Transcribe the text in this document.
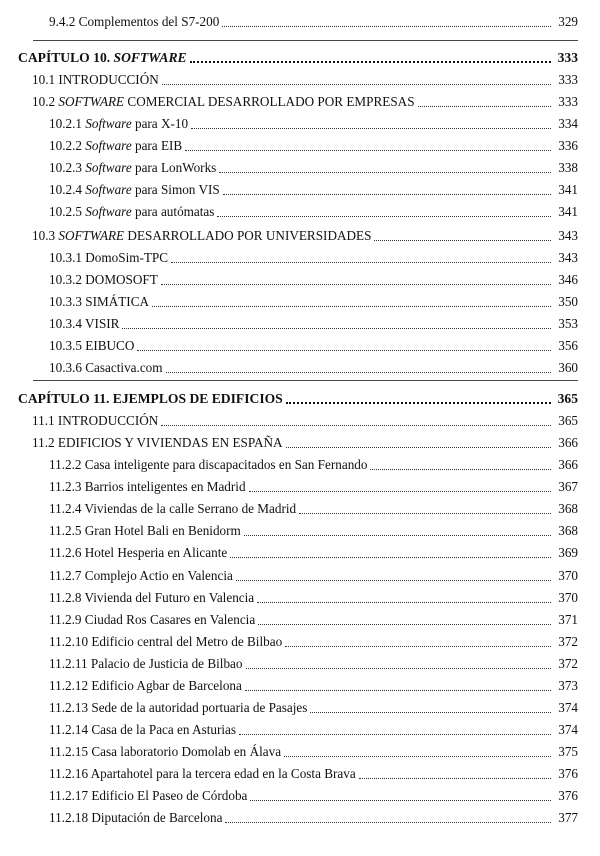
9.4.2 Complementos del S7-200	329
CAPÍTULO 10. SOFTWARE	333
10.1 INTRODUCCIÓN	333
10.2 SOFTWARE COMERCIAL DESARROLLADO POR EMPRESAS	333
10.2.1 Software para X-10	334
10.2.2 Software para EIB	336
10.2.3 Software para LonWorks	338
10.2.4 Software para Simon VIS	341
10.2.5 Software para autómatas	341
10.3 SOFTWARE DESARROLLADO POR UNIVERSIDADES	343
10.3.1 DomoSim-TPC	343
10.3.2 DOMOSOFT	346
10.3.3 SIMÁTICA	350
10.3.4 VISIR	353
10.3.5 EIBUCO	356
10.3.6 Casactiva.com	360
CAPÍTULO 11. EJEMPLOS DE EDIFICIOS	365
11.1 INTRODUCCIÓN	365
11.2 EDIFICIOS Y VIVIENDAS EN ESPAÑA	366
11.2.2 Casa inteligente para discapacitados en San Fernando	366
11.2.3 Barrios inteligentes en Madrid	367
11.2.4 Viviendas de la calle Serrano de Madrid	368
11.2.5 Gran Hotel Bali en Benidorm	368
11.2.6 Hotel Hesperia en Alicante	369
11.2.7 Complejo Actio en Valencia	370
11.2.8 Vivienda del Futuro en Valencia	370
11.2.9 Ciudad Ros Casares en Valencia	371
11.2.10 Edificio central del Metro de Bilbao	372
11.2.11 Palacio de Justicia de Bilbao	372
11.2.12 Edificio Agbar de Barcelona	373
11.2.13 Sede de la autoridad portuaria de Pasajes	374
11.2.14 Casa de la Paca en Asturias	374
11.2.15 Casa laboratorio Domolab en Álava	375
11.2.16 Apartahotel para la tercera edad en la Costa Brava	376
11.2.17 Edificio El Paseo de Córdoba	376
11.2.18 Diputación de Barcelona	377
